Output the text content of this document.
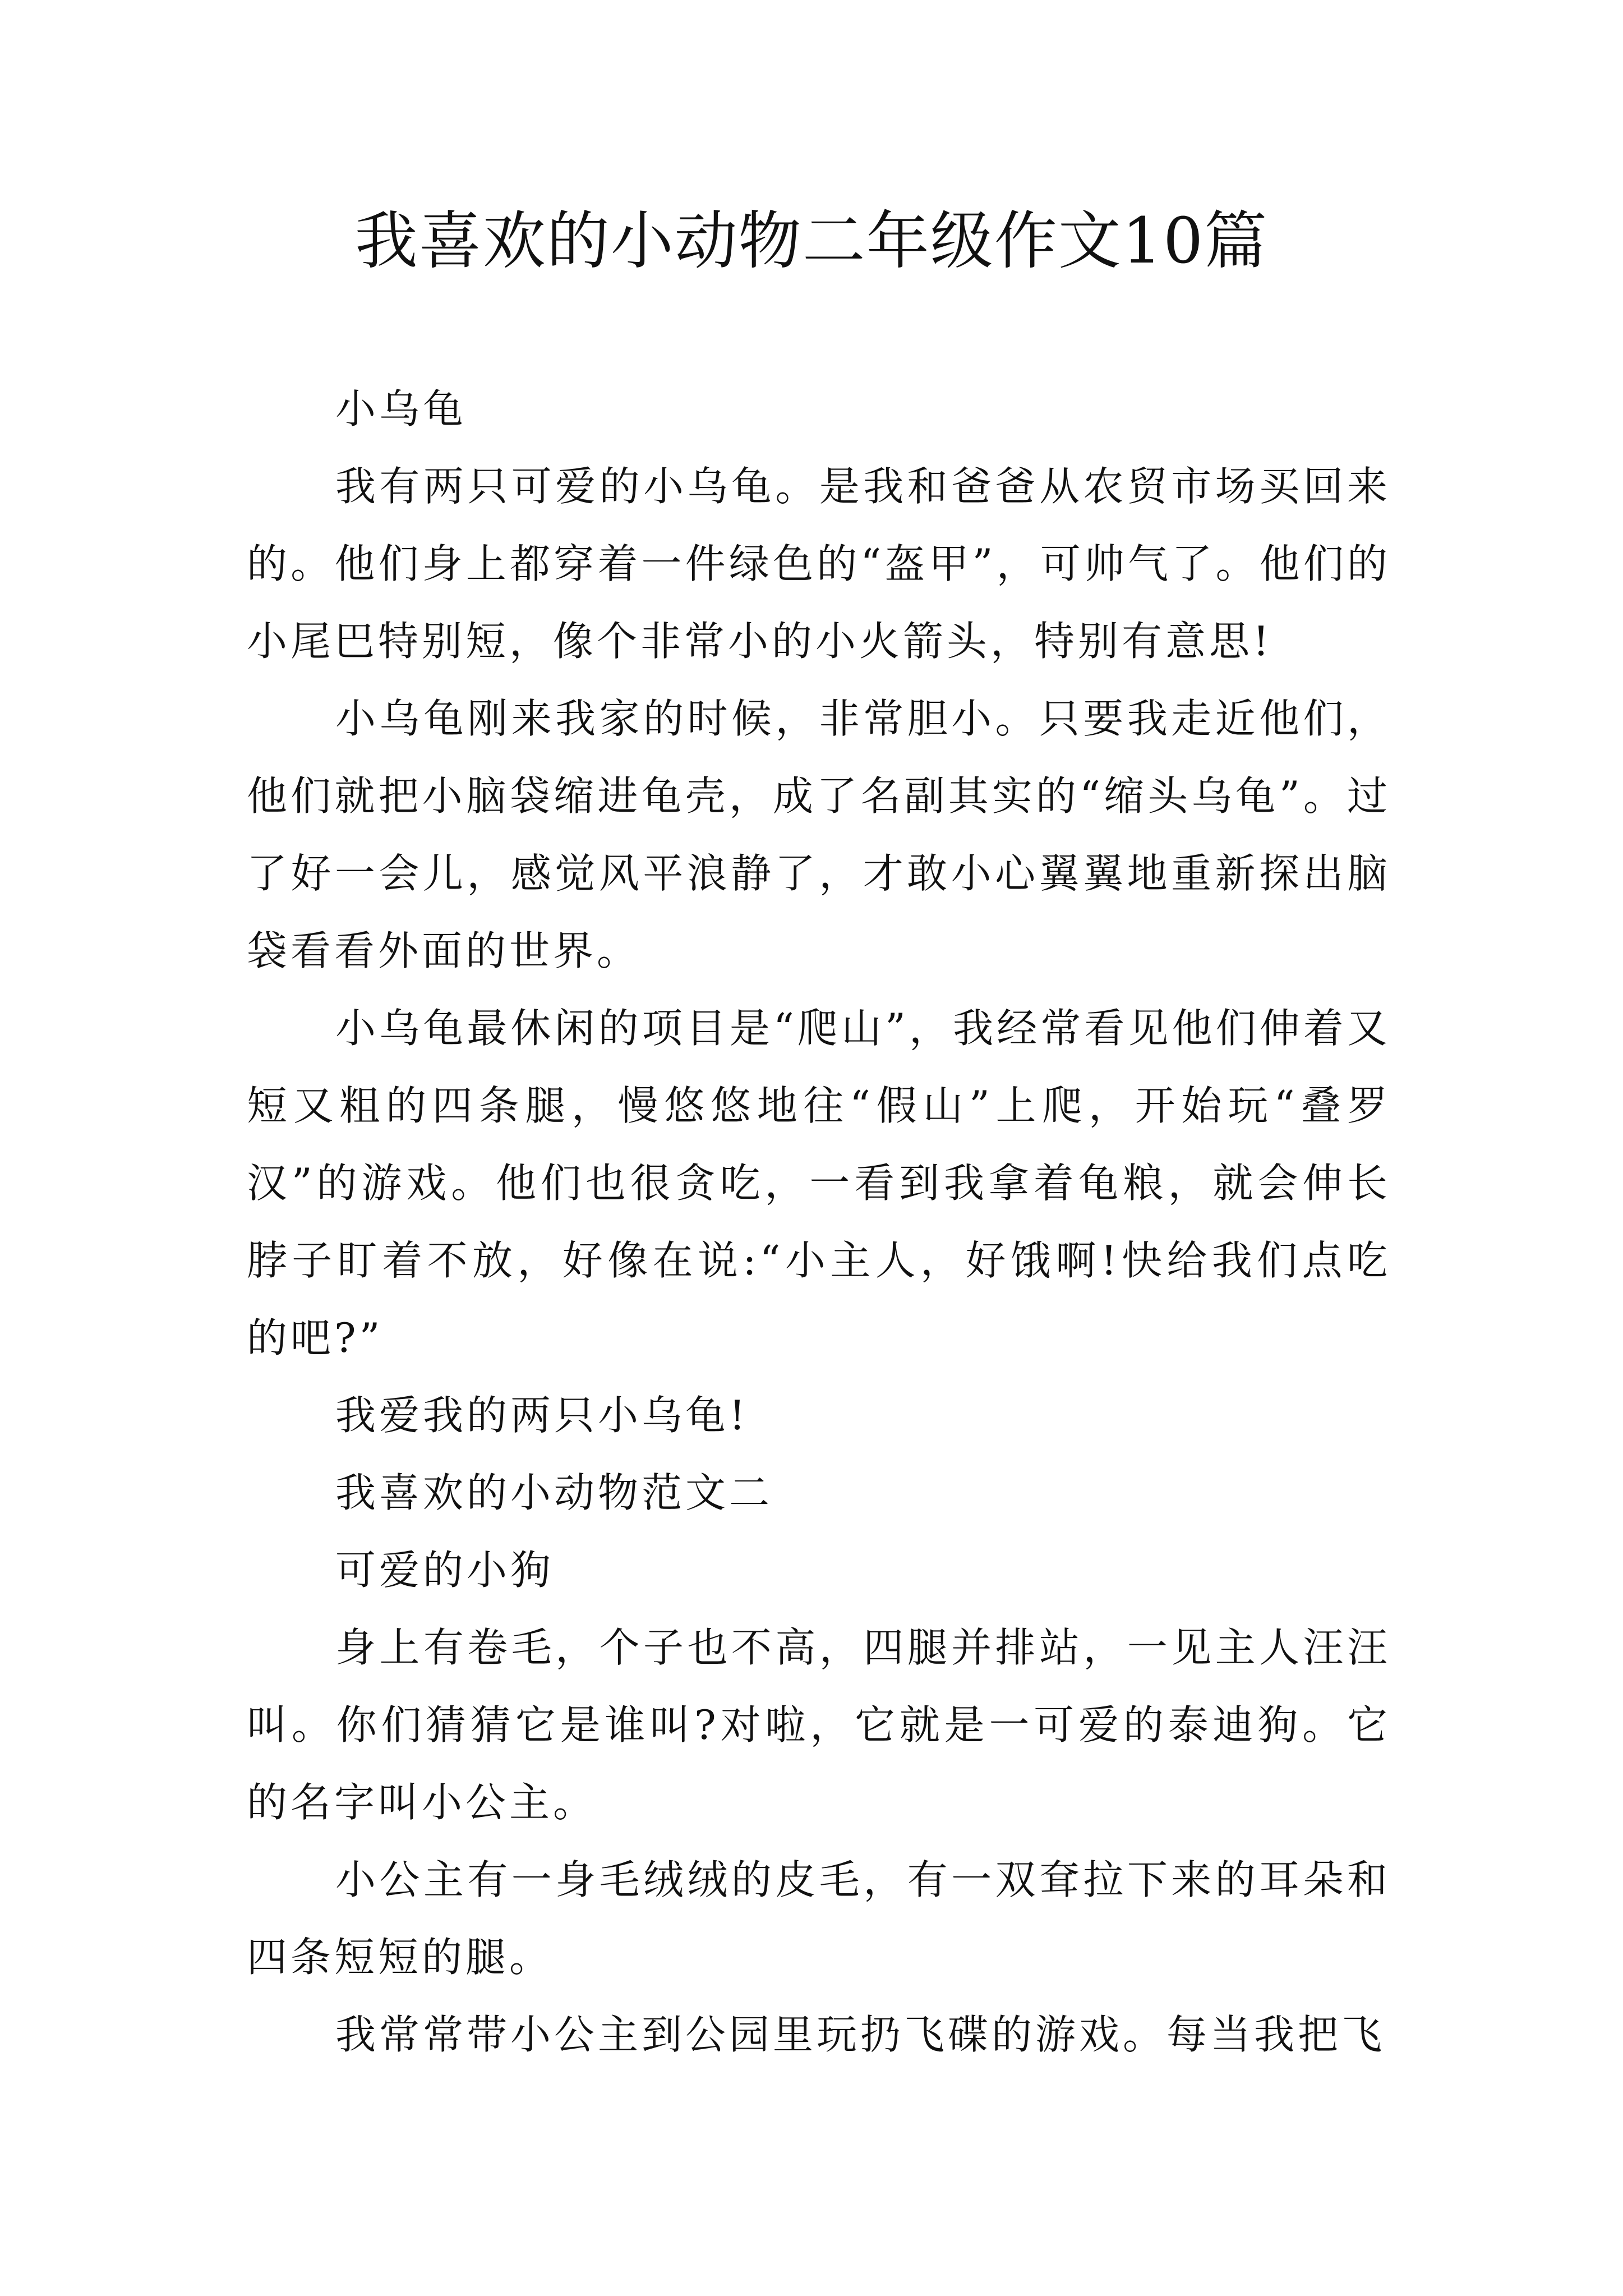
我喜欢的小动物二年级作文10篇

小乌龟

我有两只可爱的小乌龟。是我和爸爸从农贸市场买回来的。他们身上都穿着一件绿色的“盔甲”，可帅气了。他们的小尾巴特别短，像个非常小的小火箭头，特别有意思!

小乌龟刚来我家的时候，非常胆小。只要我走近他们，他们就把小脑袋缩进龟壳，成了名副其实的“缩头乌龟”。过了好一会儿，感觉风平浪静了，才敢小心翼翼地重新探出脑袋看看外面的世界。

小乌龟最休闲的项目是“爬山”，我经常看见他们伸着又短又粗的四条腿，慢悠悠地往“假山”上爬，开始玩“叠罗汉”的游戏。他们也很贪吃，一看到我拿着龟粮，就会伸长脖子盯着不放，好像在说:“小主人，好饿啊!快给我们点吃的吧?”

我爱我的两只小乌龟!

我喜欢的小动物范文二

可爱的小狗

身上有卷毛，个子也不高，四腿并排站，一见主人汪汪叫。你们猜猜它是谁叫?对啦，它就是一可爱的泰迪狗。它的名字叫小公主。

小公主有一身毛绒绒的皮毛，有一双耷拉下来的耳朵和四条短短的腿。

我常常带小公主到公园里玩扔飞碟的游戏。每当我把飞
